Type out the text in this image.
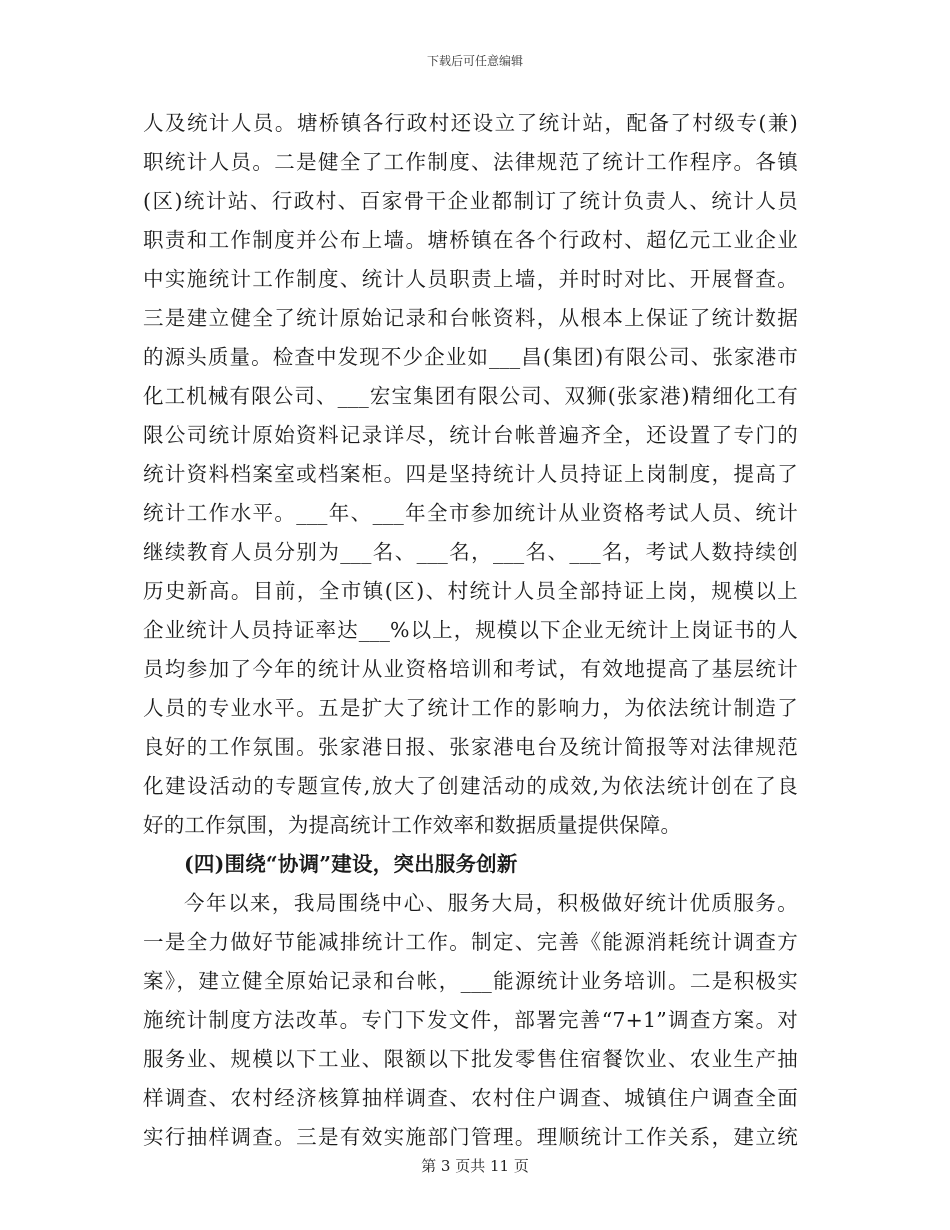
下载后可任意编辑
人及统计人员。塘桥镇各行政村还设立了统计站，配备了村级专(兼)
职统计人员。二是健全了工作制度、法律规范了统计工作程序。各镇
(区)统计站、行政村、百家骨干企业都制订了统计负责人、统计人员
职责和工作制度并公布上墙。塘桥镇在各个行政村、超亿元工业企业
中实施统计工作制度、统计人员职责上墙，并时时对比、开展督查。
三是建立健全了统计原始记录和台帐资料，从根本上保证了统计数据
的源头质量。检查中发现不少企业如___昌(集团)有限公司、张家港市
化工机械有限公司、___宏宝集团有限公司、双狮(张家港)精细化工有
限公司统计原始资料记录详尽，统计台帐普遍齐全，还设置了专门的
统计资料档案室或档案柜。四是坚持统计人员持证上岗制度，提高了
统计工作水平。___年、___年全市参加统计从业资格考试人员、统计
继续教育人员分别为___名、___名，___名、___名，考试人数持续创
历史新高。目前，全市镇(区)、村统计人员全部持证上岗，规模以上
企业统计人员持证率达___%以上，规模以下企业无统计上岗证书的人
员均参加了今年的统计从业资格培训和考试，有效地提高了基层统计
人员的专业水平。五是扩大了统计工作的影响力，为依法统计制造了
良好的工作氛围。张家港日报、张家港电台及统计简报等对法律规范
化建设活动的专题宣传,放大了创建活动的成效,为依法统计创在了良
好的工作氛围，为提高统计工作效率和数据质量提供保障。
(四)围绕“协调”建设，突出服务创新
今年以来，我局围绕中心、服务大局，积极做好统计优质服务。
一是全力做好节能减排统计工作。制定、完善《能源消耗统计调查方
案》，建立健全原始记录和台帐，___能源统计业务培训。二是积极实
施统计制度方法改革。专门下发文件，部署完善“7+1”调查方案。对
服务业、规模以下工业、限额以下批发零售住宿餐饮业、农业生产抽
样调查、农村经济核算抽样调查、农村住户调查、城镇住户调查全面
实行抽样调查。三是有效实施部门管理。理顺统计工作关系，建立统
第 3 页共 11 页
